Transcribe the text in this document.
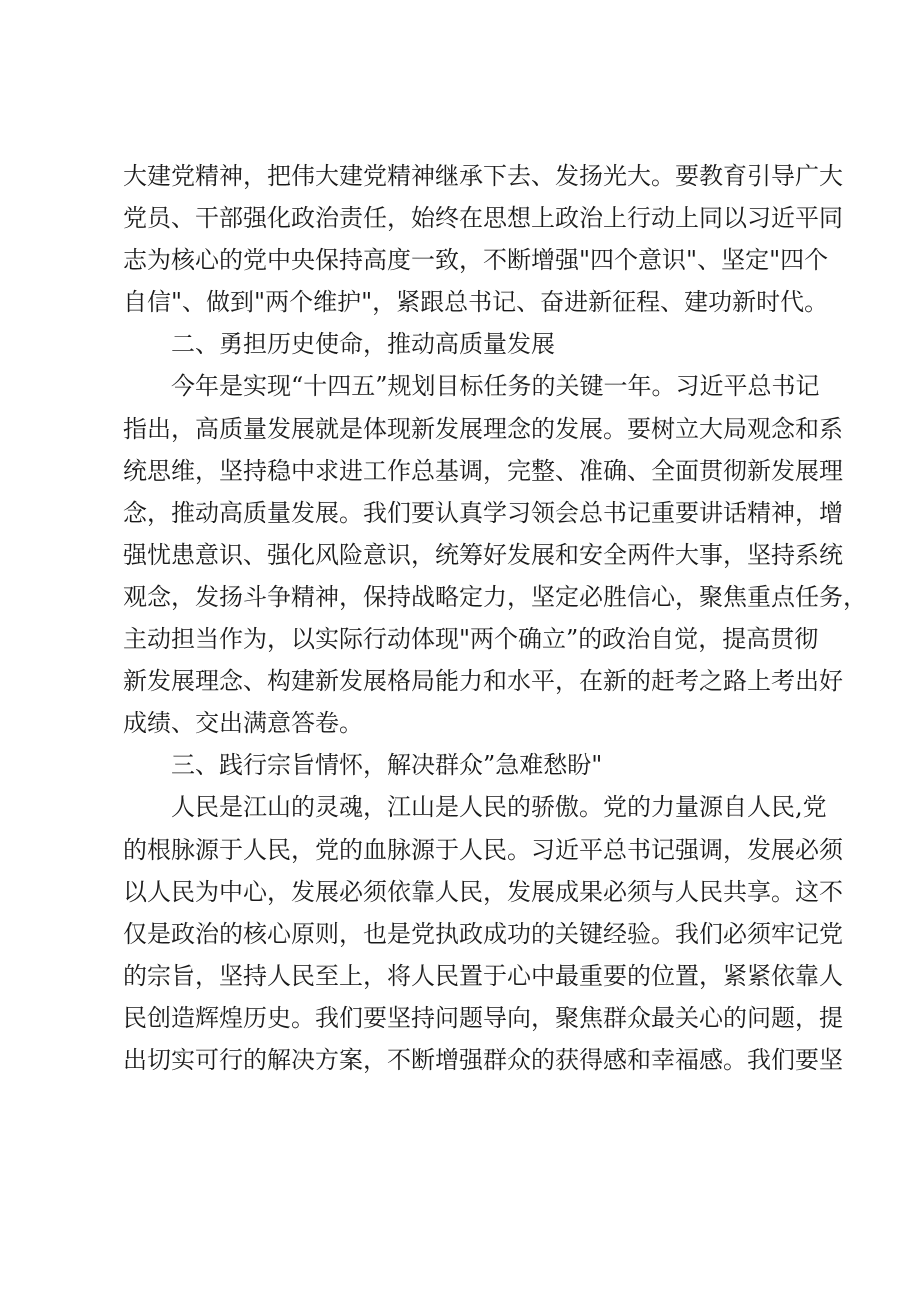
大建党精神，把伟大建党精神继承下去、发扬光大。要教育引导广大
党员、干部强化政治责任，始终在思想上政治上行动上同以习近平同
志为核心的党中央保持高度一致，不断增强"四个意识"、坚定"四个
自信"、做到"两个维护"，紧跟总书记、奋进新征程、建功新时代。
二、勇担历史使命，推动高质量发展
今年是实现“十四五”规划目标任务的关键一年。习近平总书记
指出，高质量发展就是体现新发展理念的发展。要树立大局观念和系
统思维，坚持稳中求进工作总基调，完整、准确、全面贯彻新发展理
念，推动高质量发展。我们要认真学习领会总书记重要讲话精神，增
强忧患意识、强化风险意识，统筹好发展和安全两件大事，坚持系统
观念，发扬斗争精神，保持战略定力，坚定必胜信心，聚焦重点任务，
主动担当作为，以实际行动体现"两个确立”的政治自觉，提高贯彻
新发展理念、构建新发展格局能力和水平，在新的赶考之路上考出好
成绩、交出满意答卷。
三、践行宗旨情怀，解决群众”急难愁盼"
人民是江山的灵魂，江山是人民的骄傲。党的力量源自人民,党
的根脉源于人民，党的血脉源于人民。习近平总书记强调，发展必须
以人民为中心，发展必须依靠人民，发展成果必须与人民共享。这不
仅是政治的核心原则，也是党执政成功的关键经验。我们必须牢记党
的宗旨，坚持人民至上，将人民置于心中最重要的位置，紧紧依靠人
民创造辉煌历史。我们要坚持问题导向，聚焦群众最关心的问题，提
出切实可行的解决方案，不断增强群众的获得感和幸福感。我们要坚
